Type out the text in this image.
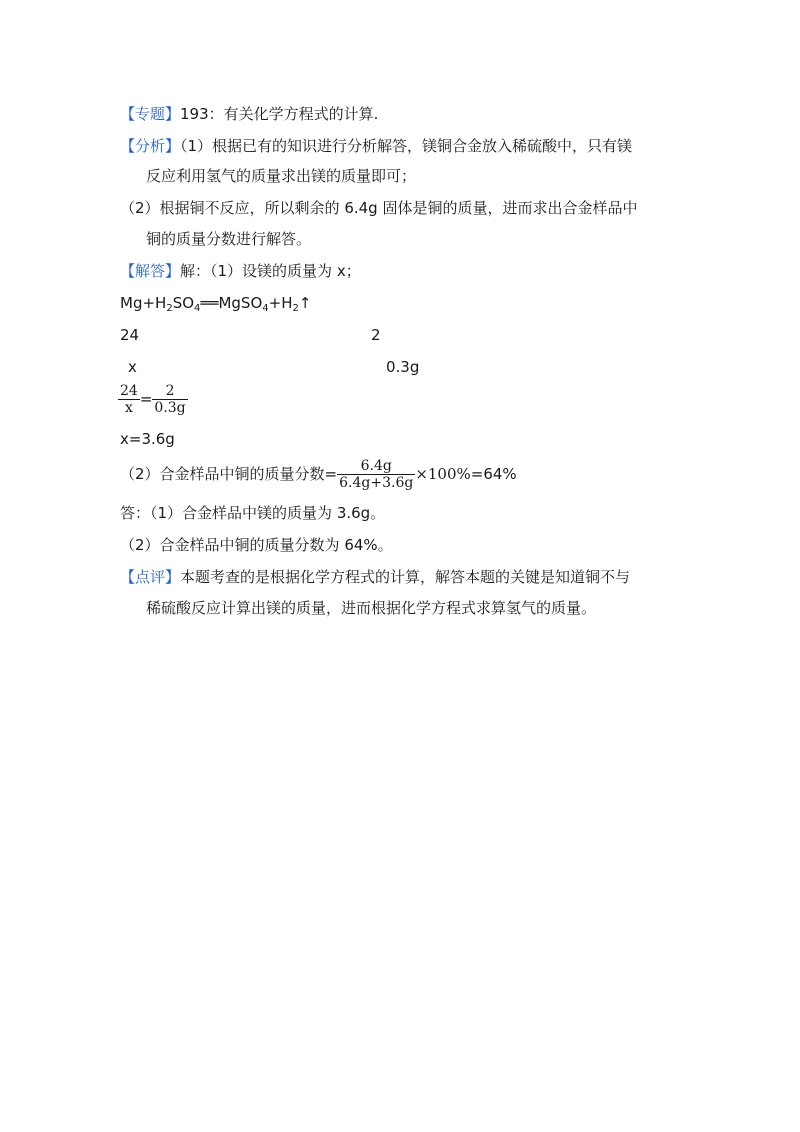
【专题】193：有关化学方程式的计算.
【分析】（1）根据已有的知识进行分析解答，镁铜合金放入稀硫酸中，只有镁
反应利用氢气的质量求出镁的质量即可；
（2）根据铜不反应，所以剩余的 6.4g 固体是铜的质量，进而求出合金样品中
铜的质量分数进行解答。
【解答】解：（1）设镁的质量为 x；
$Mg+H_2SO_4══MgSO_4+H_2↑$
24	2
x	0.3g
$\frac{24}{x} = \frac{2}{0.3g}$
x=3.6g
（2）合金样品中铜的质量分数= $\frac{6.4g}{6.4g+3.6g} \times 100\%=64\%$
答：（1）合金样品中镁的质量为 3.6g。
（2）合金样品中铜的质量分数为 64%。
【点评】本题考查的是根据化学方程式的计算，解答本题的关键是知道铜不与
稀硫酸反应计算出镁的质量，进而根据化学方程式求算氢气的质量。
